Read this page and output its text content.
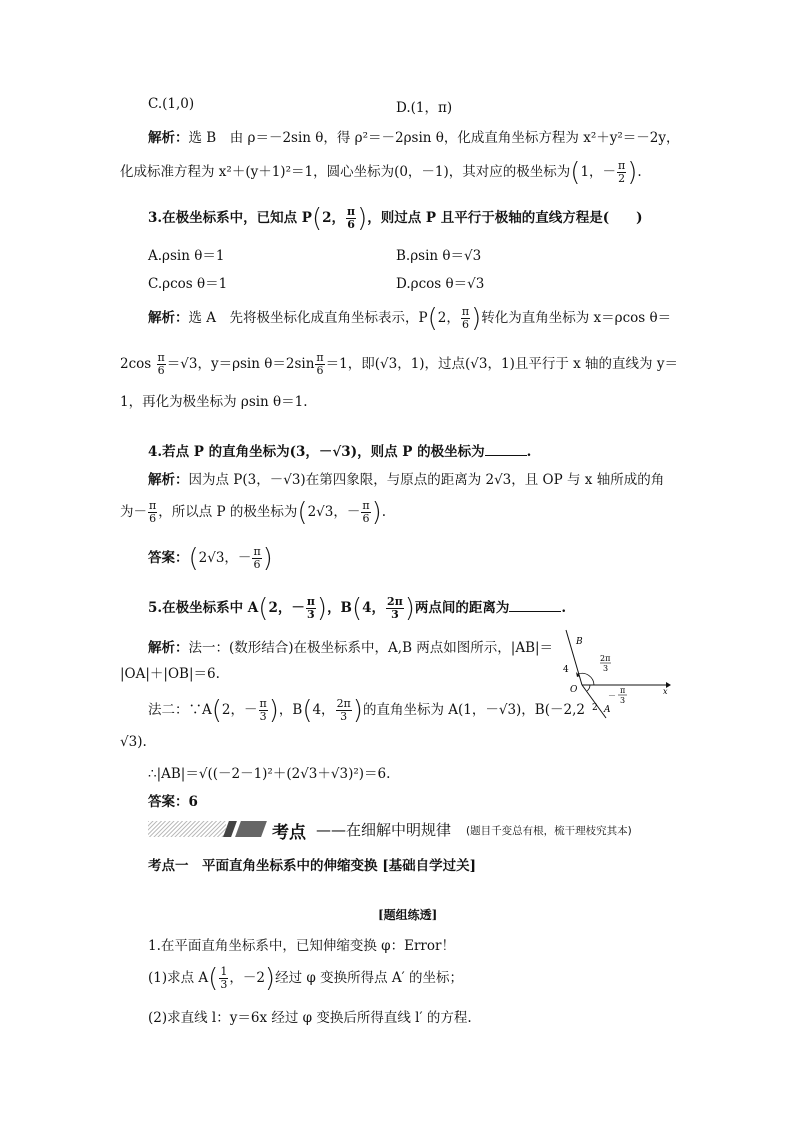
C.(1,0)	D.(1，π)
解析：选 B　由 ρ＝－2sin θ，得 ρ²＝－2ρsin θ，化成直角坐标方程为 x²＋y²＝－2y，
化成标准方程为 x²＋(y＋1)²＝1，圆心坐标为(0，－1)，其对应的极坐标为(1，－ $\frac{\pi}{2}$ ).
3.在极坐标系中，已知点 P(2， $\frac{\pi}{6}$ )，则过点 P 且平行于极轴的直线方程是(　　)
A.ρsin θ＝1	B.ρsin θ＝√3
C.ρcos θ＝1	D.ρcos θ＝√3
解析：选 A　先将极坐标化成直角坐标表示，P(2， $\frac{\pi}{6}$ )转化为直角坐标为 x＝ρcos θ＝
$2\cos \frac{\pi}{6} =√3$，y＝ρsin $\theta=2\sin \frac{\pi}{6} =1$，即(√3，1)，过点(√3，1)且平行于 x 轴的直线为 y＝
1，再化为极坐标为 ρsin θ＝1.
4.若点 P 的直角坐标为(3，－√3)，则点 P 的极坐标为	.
解析：因为点 P(3，－√3)在第四象限，与原点的距离为 2√3，且 OP 与 x 轴所成的角
为－ $\frac{\pi}{6}$ ，所以点 P 的极坐标为(2√3，－ $\frac{\pi}{6}$ ).
答案：(2√3，－ $\frac{\pi}{6}$ )
5.在极坐标系中 A(2，－ $\frac{\pi}{3}$ )，B(4， $\frac{2\pi}{3}$ )两点间的距离为	.
解析：法一：(数形结合)在极坐标系中，A,B 两点如图所示，|AB|＝
|OA|＋|OB|＝6.
法二：∵A(2，－ $\frac{\pi}{3}$ )，B(4， $\frac{2\pi}{3}$ )的直角坐标为 A(1，－√3)，B(－2,2
√3).
∴|AB|＝√((－2－1)²＋(2√3＋√3)²)＝6.
答案：6
B
A
O	x
4
2
2π
3
－
π
3
考点 ——在细解中明规律 (题目千变总有根，梳干理枝究其本)
考点一　平面直角坐标系中的伸缩变换 [基础自学过关]
[题组练透]
1.在平面直角坐标系中，已知伸缩变换 φ：Error！
(1)求点 $A( \frac{1}{3}$ ，－2)经过 φ 变换所得点 A′ 的坐标；
(2)求直线 l：y＝6x 经过 φ 变换后所得直线 l′ 的方程.
